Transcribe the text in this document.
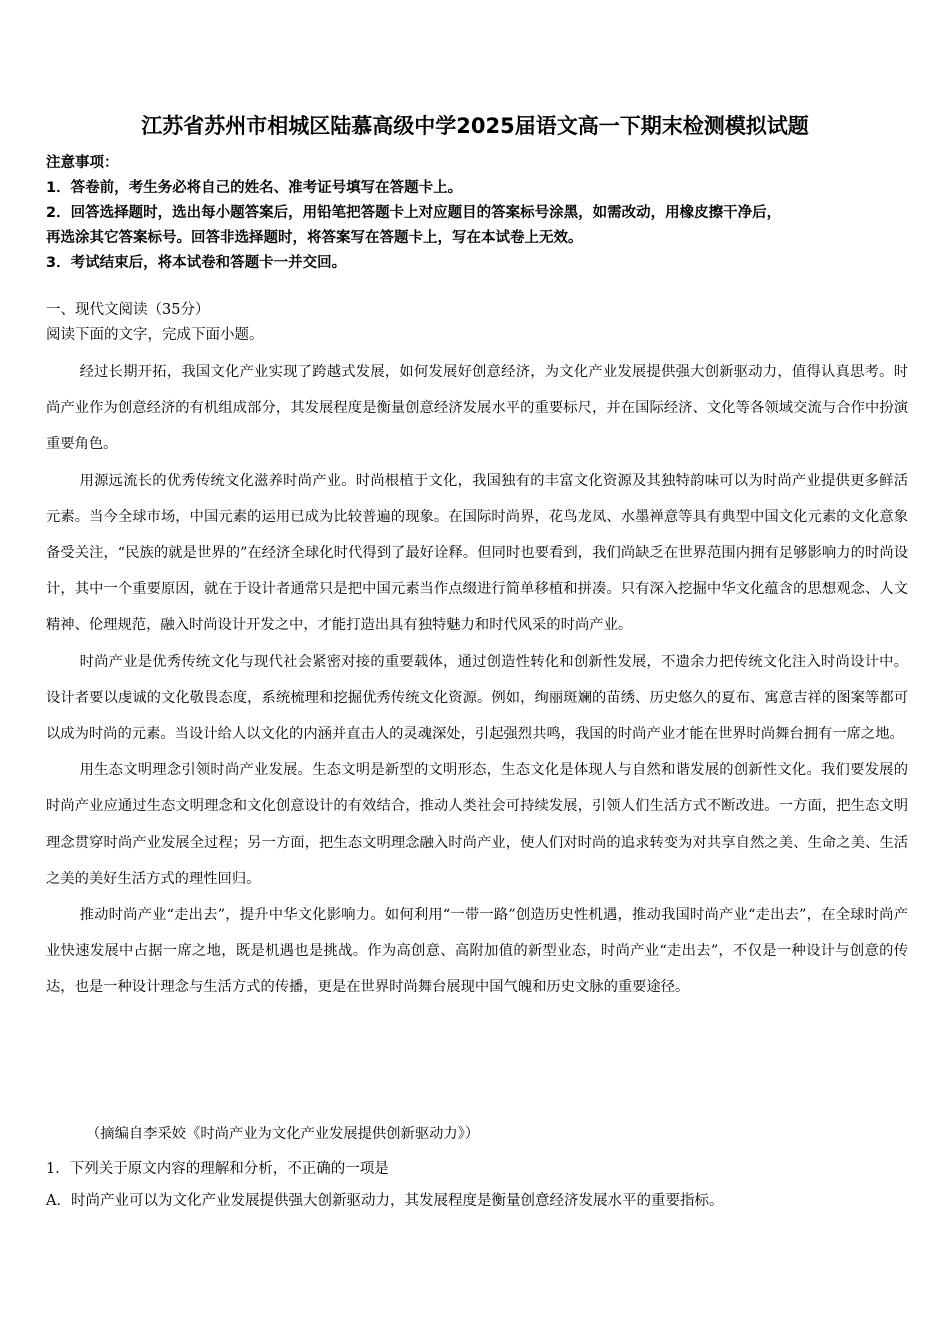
江苏省苏州市相城区陆慕高级中学2025届语文高一下期末检测模拟试题
注意事项：
1．答卷前，考生务必将自己的姓名、准考证号填写在答题卡上。
2．回答选择题时，选出每小题答案后，用铅笔把答题卡上对应题目的答案标号涂黑，如需改动，用橡皮擦干净后，
再选涂其它答案标号。回答非选择题时，将答案写在答题卡上，写在本试卷上无效。
3．考试结束后，将本试卷和答题卡一并交回。
一、现代文阅读（35分）
阅读下面的文字，完成下面小题。

经过长期开拓，我国文化产业实现了跨越式发展，如何发展好创意经济，为文化产业发展提供强大创新驱动力，值得认真思考。时尚产业作为创意经济的有机组成部分，其发展程度是衡量创意经济发展水平的重要标尺，并在国际经济、文化等各领域交流与合作中扮演重要角色。

用源远流长的优秀传统文化滋养时尚产业。时尚根植于文化，我国独有的丰富文化资源及其独特韵味可以为时尚产业提供更多鲜活元素。当今全球市场，中国元素的运用已成为比较普遍的现象。在国际时尚界，花鸟龙凤、水墨禅意等具有典型中国文化元素的文化意象备受关注，“民族的就是世界的”在经济全球化时代得到了最好诠释。但同时也要看到，我们尚缺乏在世界范围内拥有足够影响力的时尚设计，其中一个重要原因，就在于设计者通常只是把中国元素当作点缀进行简单移植和拼凑。只有深入挖掘中华文化蕴含的思想观念、人文精神、伦理规范，融入时尚设计开发之中，才能打造出具有独特魅力和时代风采的时尚产业。

时尚产业是优秀传统文化与现代社会紧密对接的重要载体，通过创造性转化和创新性发展，不遗余力把传统文化注入时尚设计中。设计者要以虔诚的文化敬畏态度，系统梳理和挖掘优秀传统文化资源。例如，绚丽斑斓的苗绣、历史悠久的夏布、寓意吉祥的图案等都可以成为时尚的元素。当设计给人以文化的内涵并直击人的灵魂深处，引起强烈共鸣，我国的时尚产业才能在世界时尚舞台拥有一席之地。

用生态文明理念引领时尚产业发展。生态文明是新型的文明形态，生态文化是体现人与自然和谐发展的创新性文化。我们要发展的时尚产业应通过生态文明理念和文化创意设计的有效结合，推动人类社会可持续发展，引领人们生活方式不断改进。一方面，把生态文明理念贯穿时尚产业发展全过程；另一方面，把生态文明理念融入时尚产业，使人们对时尚的追求转变为对共享自然之美、生命之美、生活之美的美好生活方式的理性回归。

推动时尚产业“走出去”，提升中华文化影响力。如何利用“一带一路”创造历史性机遇，推动我国时尚产业“走出去”，在全球时尚产业快速发展中占据一席之地，既是机遇也是挑战。作为高创意、高附加值的新型业态，时尚产业“走出去”，不仅是一种设计与创意的传达，也是一种设计理念与生活方式的传播，更是在世界时尚舞台展现中国气魄和历史文脉的重要途径。

（摘编自李采姣《时尚产业为文化产业发展提供创新驱动力》）
1．下列关于原文内容的理解和分析，不正确的一项是
A．时尚产业可以为文化产业发展提供强大创新驱动力，其发展程度是衡量创意经济发展水平的重要指标。
